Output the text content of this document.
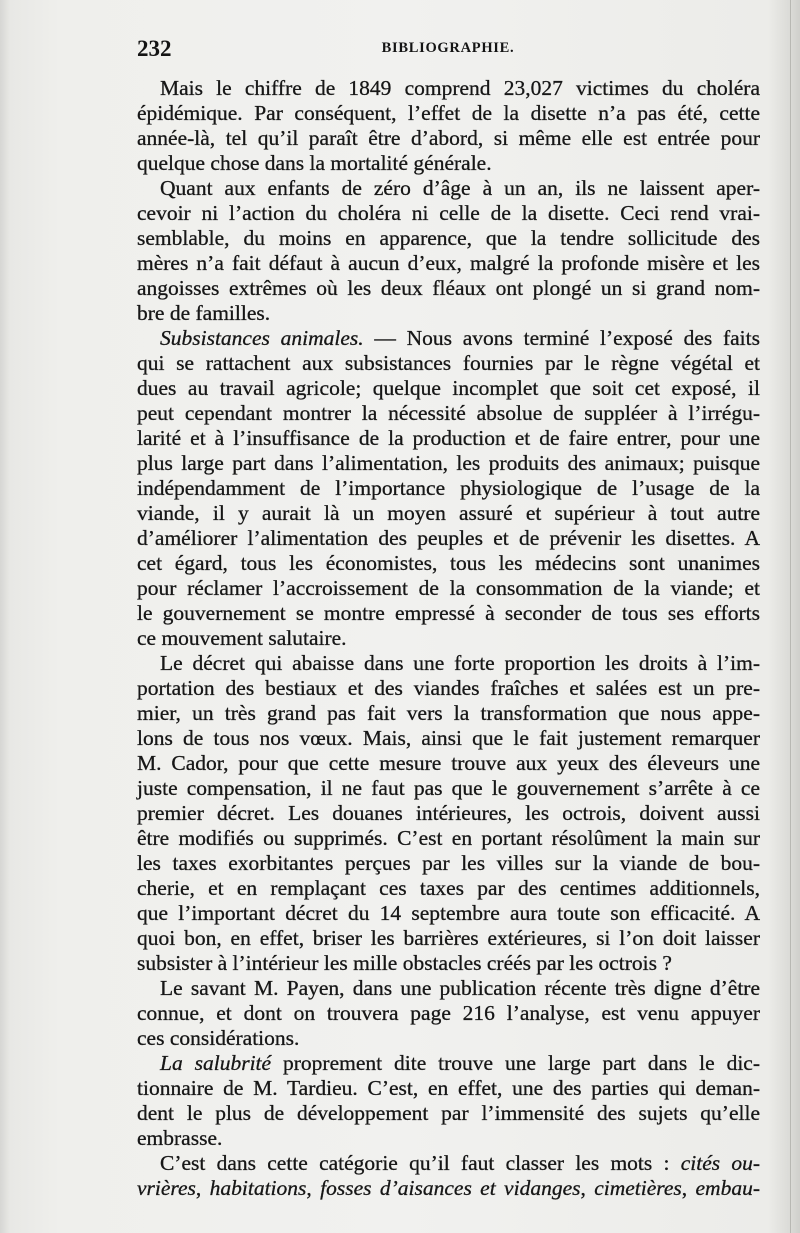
232	BIBLIOGRAPHIE.
Mais le chiffre de 1849 comprend 23,027 victimes du choléra
épidémique. Par conséquent, l’effet de la disette n’a pas été, cette
année-là, tel qu’il paraît être d’abord, si même elle est entrée pour
quelque chose dans la mortalité générale.
Quant aux enfants de zéro d’âge à un an, ils ne laissent aper-
cevoir ni l’action du choléra ni celle de la disette. Ceci rend vrai-
semblable, du moins en apparence, que la tendre sollicitude des
mères n’a fait défaut à aucun d’eux, malgré la profonde misère et les
angoisses extrêmes où les deux fléaux ont plongé un si grand nom-
bre de familles.
Subsistances animales. — Nous avons terminé l’exposé des faits
qui se rattachent aux subsistances fournies par le règne végétal et
dues au travail agricole; quelque incomplet que soit cet exposé, il
peut cependant montrer la nécessité absolue de suppléer à l’irrégu-
larité et à l’insuffisance de la production et de faire entrer, pour une
plus large part dans l’alimentation, les produits des animaux; puisque
indépendamment de l’importance physiologique de l’usage de la
viande, il y aurait là un moyen assuré et supérieur à tout autre
d’améliorer l’alimentation des peuples et de prévenir les disettes. A
cet égard, tous les économistes, tous les médecins sont unanimes
pour réclamer l’accroissement de la consommation de la viande; et
le gouvernement se montre empressé à seconder de tous ses efforts
ce mouvement salutaire.
Le décret qui abaisse dans une forte proportion les droits à l’im-
portation des bestiaux et des viandes fraîches et salées est un pre-
mier, un très grand pas fait vers la transformation que nous appe-
lons de tous nos vœux. Mais, ainsi que le fait justement remarquer
M. Cador, pour que cette mesure trouve aux yeux des éleveurs une
juste compensation, il ne faut pas que le gouvernement s’arrête à ce
premier décret. Les douanes intérieures, les octrois, doivent aussi
être modifiés ou supprimés. C’est en portant résolûment la main sur
les taxes exorbitantes perçues par les villes sur la viande de bou-
cherie, et en remplaçant ces taxes par des centimes additionnels,
que l’important décret du 14 septembre aura toute son efficacité. A
quoi bon, en effet, briser les barrières extérieures, si l’on doit laisser
subsister à l’intérieur les mille obstacles créés par les octrois ?
Le savant M. Payen, dans une publication récente très digne d’être
connue, et dont on trouvera page 216 l’analyse, est venu appuyer
ces considérations.
La salubrité proprement dite trouve une large part dans le dic-
tionnaire de M. Tardieu. C’est, en effet, une des parties qui deman-
dent le plus de développement par l’immensité des sujets qu’elle
embrasse.
C’est dans cette catégorie qu’il faut classer les mots : cités ou-
vrières, habitations, fosses d’aisances et vidanges, cimetières, embau-
